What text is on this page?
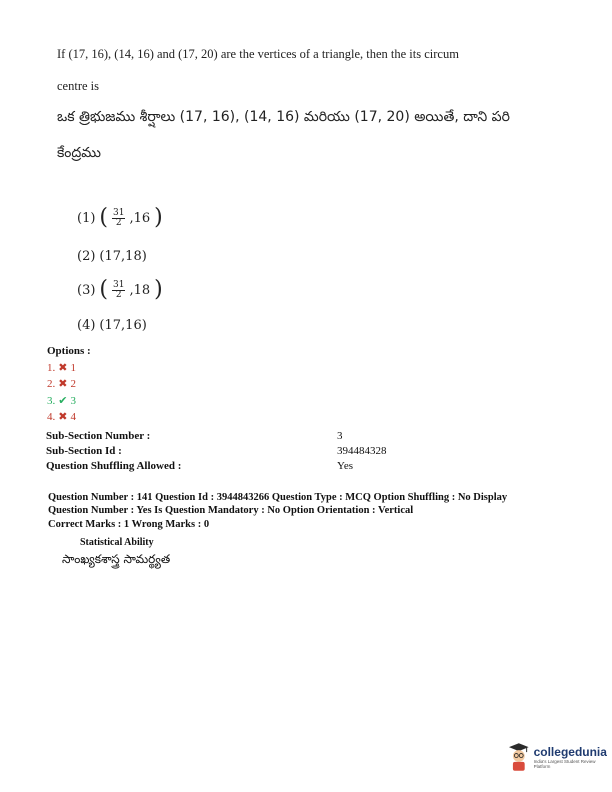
If (17, 16), (14, 16) and (17, 20) are the vertices of a triangle, then the its circum
centre is
ఒక త్రిభుజము శీర్షాలు (17, 16), (14, 16) మరియు (17, 20) అయితే, దాని పరి
కేంద్రము
(1) ( $\frac{31}{2} ,16$ )
(2) (17,18)
(3) ( $\frac{31}{2} ,18$ )
(4) (17,16)
Options :
1. ✖ 1
2. ✖ 2
3. ✔ 3
4. ✖ 4
Sub-Section Number :	3
Sub-Section Id :	394484328
Question Shuffling Allowed :	Yes
Question Number : 141 Question Id : 3944843266 Question Type : MCQ Option Shuffling : No Display
Question Number : Yes Is Question Mandatory : No Option Orientation : Vertical
Correct Marks : 1 Wrong Marks : 0
Statistical Ability
సాంఖ్యకశాస్త్ర సామర్థ్యత
collegedunia
India's Largest Student Review Platform
